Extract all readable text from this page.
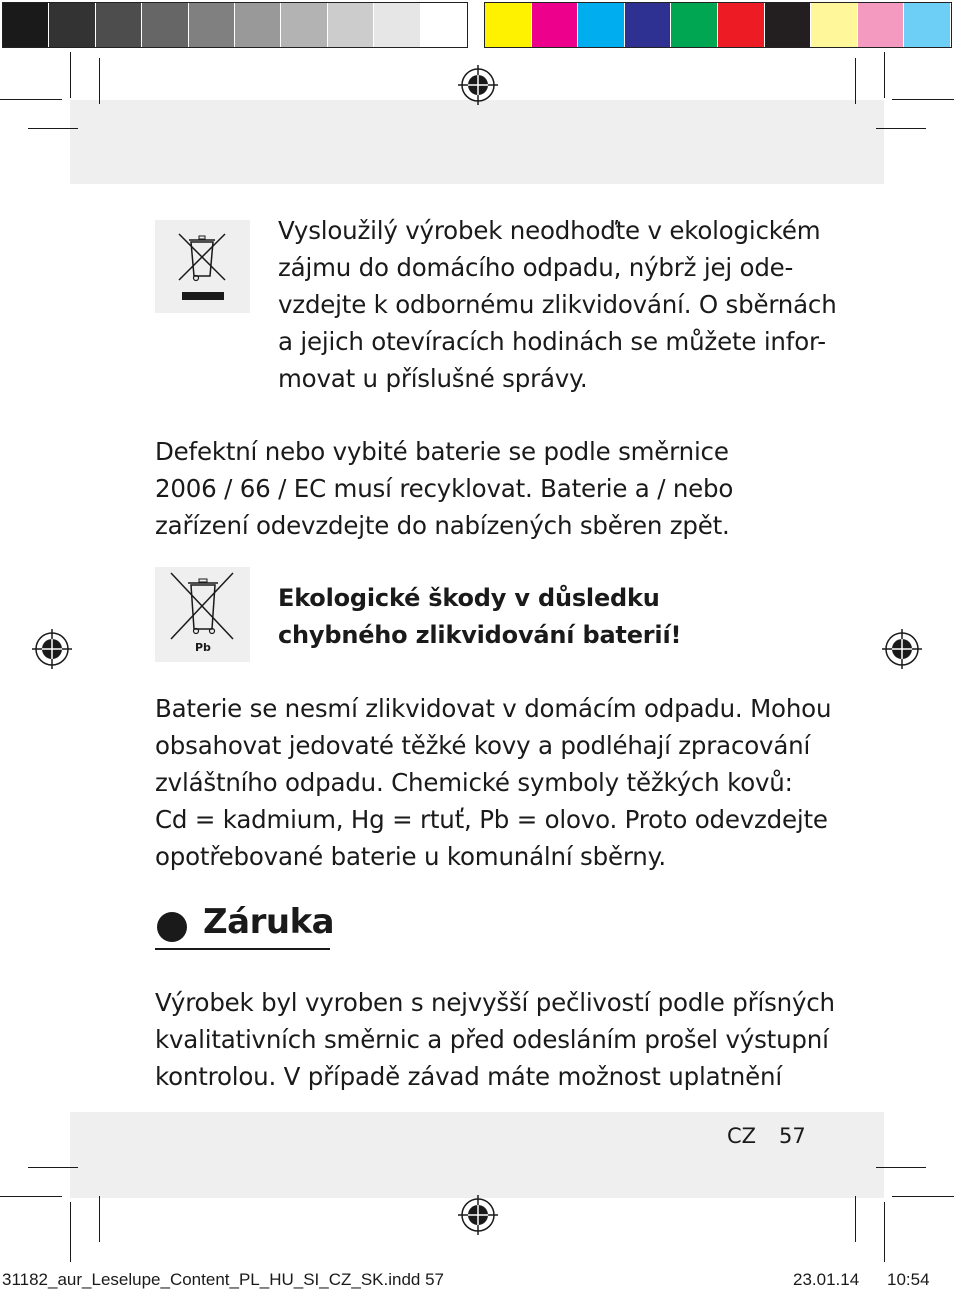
Vysloužilý výrobek neodhoďte v ekologickém
zájmu do domácího odpadu, nýbrž jej ode-
vzdejte k odbornému zlikvidování. O sběrnách
a jejich otevíracích hodinách se můžete infor-
movat u příslušné správy.
Defektní nebo vybité baterie se podle směrnice
2006 / 66 / EC musí recyklovat. Baterie a / nebo
zařízení odevzdejte do nabízených sběren zpět.
Pb
Ekologické škody v důsledku
chybného zlikvidování baterií!
Baterie se nesmí zlikvidovat v domácím odpadu. Mohou
obsahovat jedovaté těžké kovy a podléhají zpracování
zvláštního odpadu. Chemické symboly těžkých kovů:
Cd = kadmium, Hg = rtuť, Pb = olovo. Proto odevzdejte
opotřebované baterie u komunální sběrny.
Záruka
Výrobek byl vyroben s nejvyšší pečlivostí podle přísných
kvalitativních směrnic a před odesláním prošel výstupní
kontrolou. V případě závad máte možnost uplatnění
CZ 57
31182_aur_Leselupe_Content_PL_HU_SI_CZ_SK.indd 57	23.01.14 10:54
